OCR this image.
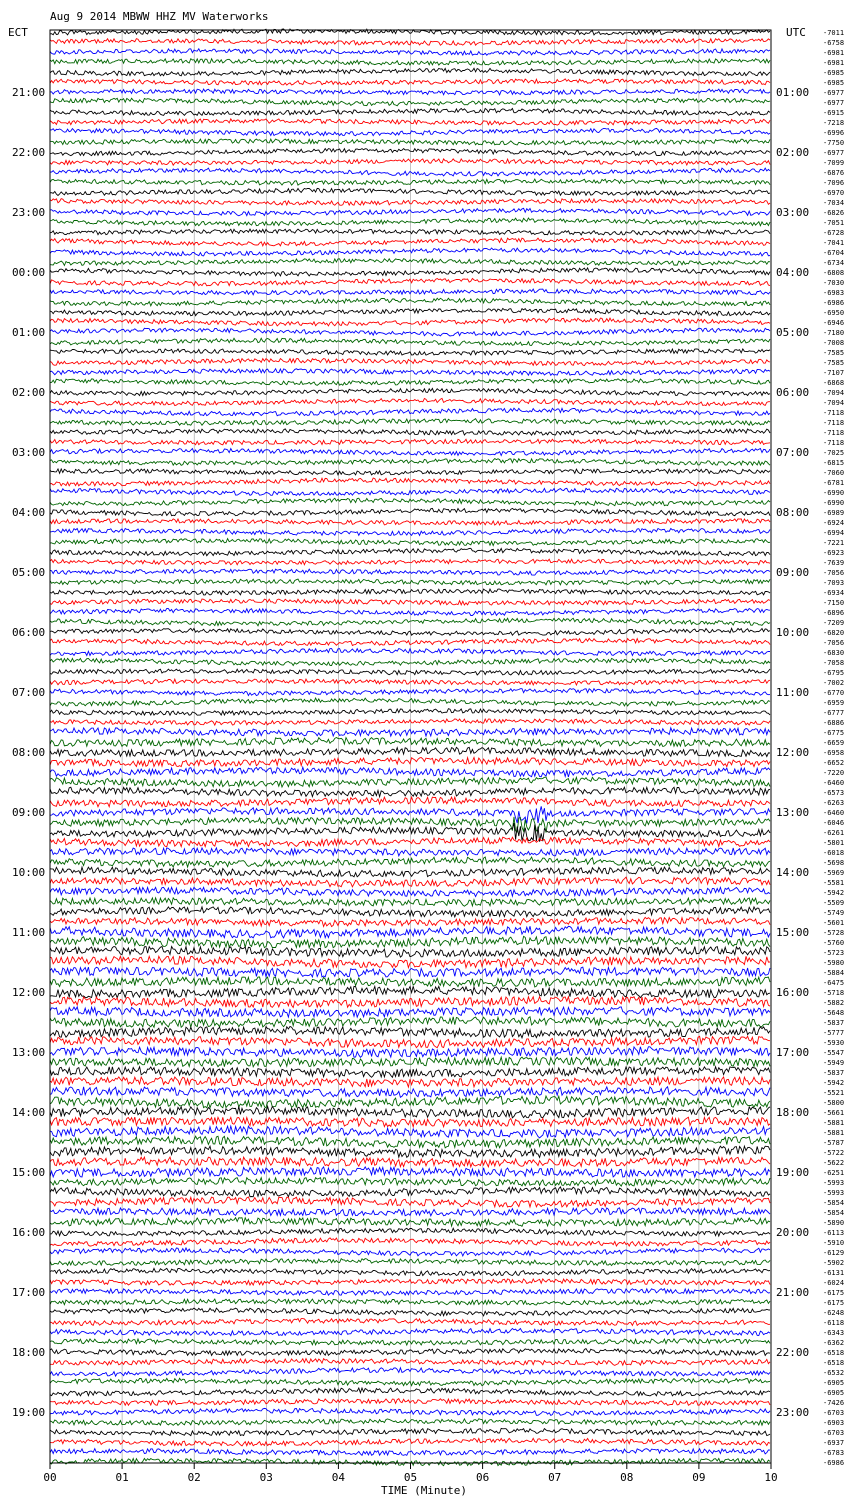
Aug 9 2014 MBWW HHZ MV Waterworks
ECT	UTC
21:00
22:00
23:00
00:00
01:00
02:00
03:00
04:00
05:00
06:00
07:00
08:00
09:00
10:00
11:00
12:00
13:00
14:00
15:00
16:00
17:00
18:00
19:00
01:00
02:00
03:00
04:00
05:00
06:00
07:00
08:00
09:00
10:00
11:00
12:00
13:00
14:00
15:00
16:00
17:00
18:00
19:00
20:00
21:00
22:00
23:00
-7011
-6758
-6981
-6981
-6985
-6985
-6977
-6977
-6915
-7218
-6996
-7750
-6977
-7099
-6876
-7096
-6970
-7034
-6826
-7051
-6728
-7041
-6704
-6734
-6808
-7030
-6983
-6986
-6950
-6946
-7180
-7008
-7585
-7585
-7107
-6868
-7094
-7094
-7118
-7118
-7118
-7118
-7025
-6815
-7060
-6781
-6990
-6990
-6989
-6924
-6994
-7221
-6923
-7639
-7056
-7093
-6934
-7150
-6896
-7209
-6820
-7056
-6830
-7058
-6795
-7002
-6770
-6959
-6777
-6886
-6775
-6659
-6958
-6652
-7220
-6460
-6573
-6263
-6460
-6046
-6261
-5801
-6018
-5698
-5969
-5581
-5942
-5509
-5749
-5601
-5728
-5760
-5723
-5980
-5884
-6475
-5718
-5882
-5648
-5837
-5777
-5930
-5547
-5949
-5837
-5942
-5521
-5800
-5661
-5881
-5881
-5787
-5722
-5622
-6251
-5993
-5993
-5854
-5854
-5890
-6113
-5910
-6129
-5902
-6131
-6024
-6175
-6175
-6248
-6118
-6343
-6362
-6518
-6518
-6532
-6905
-6905
-7426
-6703
-6903
-6703
-6937
-6783
-6986
00	01	02	03	04	05	06	07	08	09	10
TIME (Minute)
